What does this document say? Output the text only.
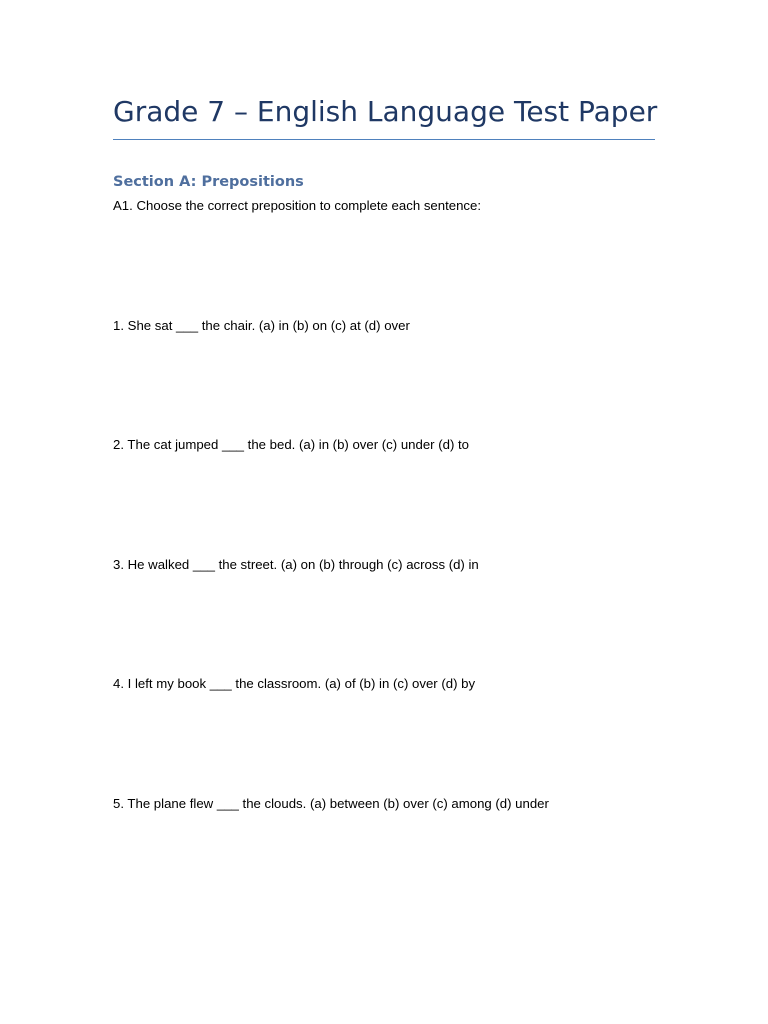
Grade 7 – English Language Test Paper
Section A: Prepositions
A1. Choose the correct preposition to complete each sentence:
1. She sat ___ the chair. (a) in (b) on (c) at (d) over
2. The cat jumped ___ the bed. (a) in (b) over (c) under (d) to
3. He walked ___ the street. (a) on (b) through (c) across (d) in
4. I left my book ___ the classroom. (a) of (b) in (c) over (d) by
5. The plane flew ___ the clouds. (a) between (b) over (c) among (d) under
